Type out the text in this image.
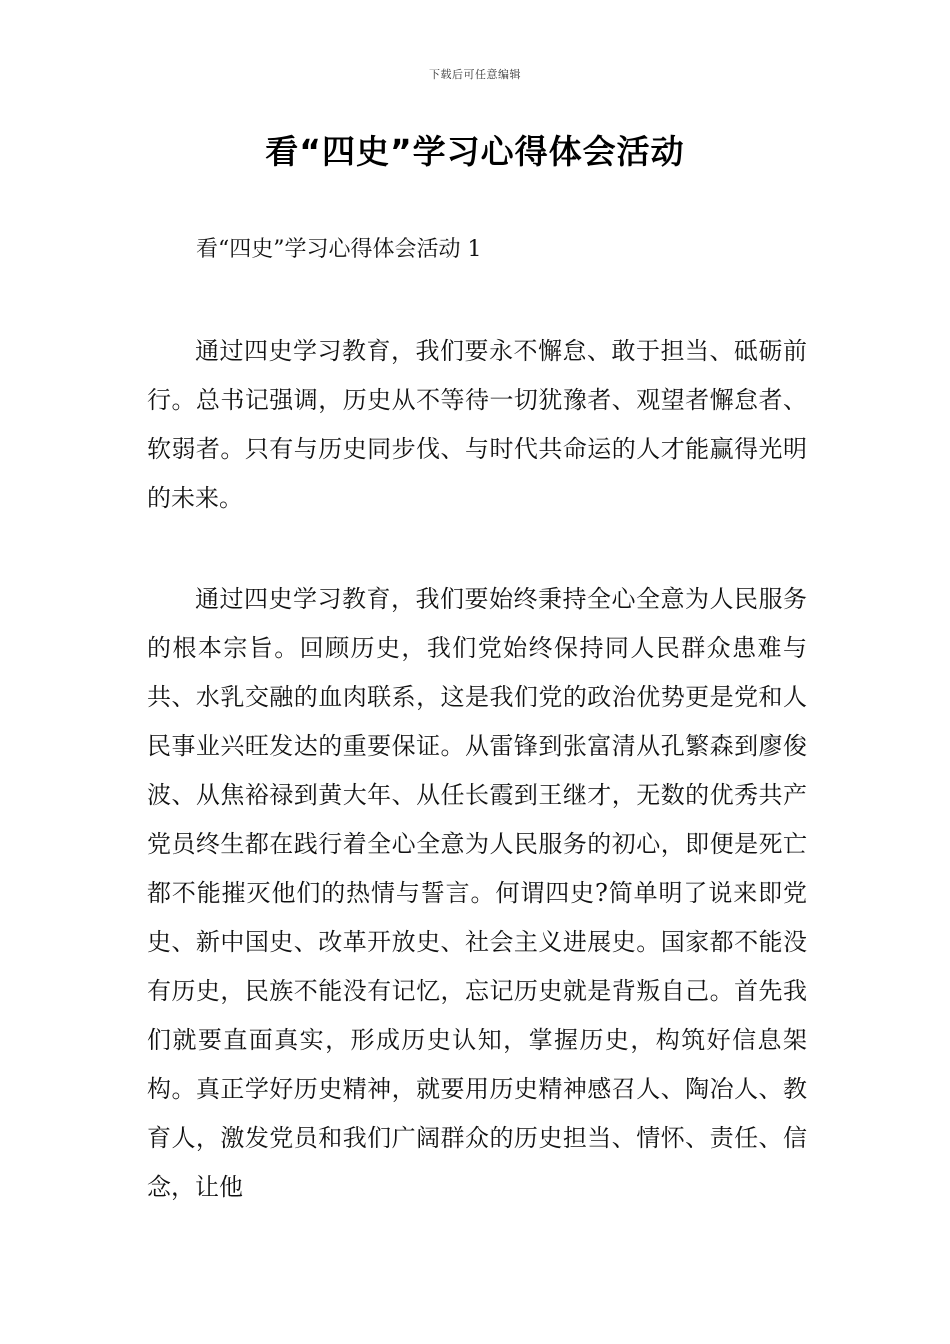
下载后可任意编辑
看“四史”学习心得体会活动
看“四史”学习心得体会活动 1

通过四史学习教育，我们要永不懈怠、敢于担当、砥砺前行。总书记强调，历史从不等待一切犹豫者、观望者懈怠者、软弱者。只有与历史同步伐、与时代共命运的人才能赢得光明的未来。

通过四史学习教育，我们要始终秉持全心全意为人民服务的根本宗旨。回顾历史，我们党始终保持同人民群众患难与共、水乳交融的血肉联系，这是我们党的政治优势更是党和人民事业兴旺发达的重要保证。从雷锋到张富清从孔繁森到廖俊波、从焦裕禄到黄大年、从任长霞到王继才，无数的优秀共产党员终生都在践行着全心全意为人民服务的初心，即便是死亡都不能摧灭他们的热情与誓言。何谓四史?简单明了说来即党史、新中国史、改革开放史、社会主义进展史。国家都不能没有历史，民族不能没有记忆，忘记历史就是背叛自己。首先我们就要直面真实，形成历史认知，掌握历史，构筑好信息架构。真正学好历史精神，就要用历史精神感召人、陶冶人、教育人，激发党员和我们广阔群众的历史担当、情怀、责任、信念，让他
